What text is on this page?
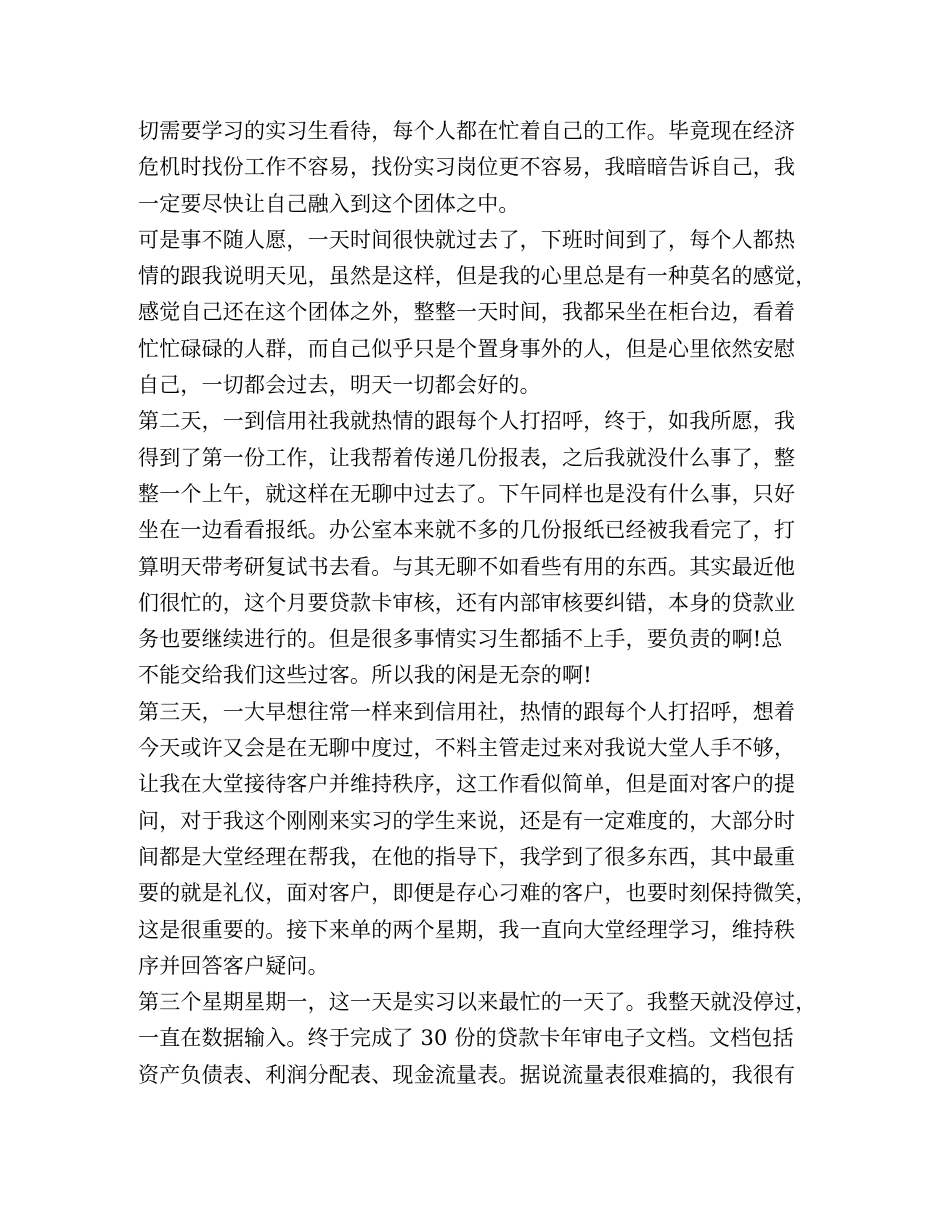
切需要学习的实习生看待，每个人都在忙着自己的工作。毕竟现在经济
危机时找份工作不容易，找份实习岗位更不容易，我暗暗告诉自己，我
一定要尽快让自己融入到这个团体之中。
可是事不随人愿，一天时间很快就过去了，下班时间到了，每个人都热
情的跟我说明天见，虽然是这样，但是我的心里总是有一种莫名的感觉，
感觉自己还在这个团体之外，整整一天时间，我都呆坐在柜台边，看着
忙忙碌碌的人群，而自己似乎只是个置身事外的人，但是心里依然安慰
自己，一切都会过去，明天一切都会好的。
第二天，一到信用社我就热情的跟每个人打招呼，终于，如我所愿，我
得到了第一份工作，让我帮着传递几份报表，之后我就没什么事了，整
整一个上午，就这样在无聊中过去了。下午同样也是没有什么事，只好
坐在一边看看报纸。办公室本来就不多的几份报纸已经被我看完了，打
算明天带考研复试书去看。与其无聊不如看些有用的东西。其实最近他
们很忙的，这个月要贷款卡审核，还有内部审核要纠错，本身的贷款业
务也要继续进行的。但是很多事情实习生都插不上手，要负责的啊!总
不能交给我们这些过客。所以我的闲是无奈的啊!
第三天，一大早想往常一样来到信用社，热情的跟每个人打招呼，想着
今天或许又会是在无聊中度过，不料主管走过来对我说大堂人手不够，
让我在大堂接待客户并维持秩序，这工作看似简单，但是面对客户的提
问，对于我这个刚刚来实习的学生来说，还是有一定难度的，大部分时
间都是大堂经理在帮我，在他的指导下，我学到了很多东西，其中最重
要的就是礼仪，面对客户，即便是存心刁难的客户，也要时刻保持微笑，
这是很重要的。接下来单的两个星期，我一直向大堂经理学习，维持秩
序并回答客户疑问。
第三个星期星期一，这一天是实习以来最忙的一天了。我整天就没停过，
一直在数据输入。终于完成了 30 份的贷款卡年审电子文档。文档包括
资产负债表、利润分配表、现金流量表。据说流量表很难搞的，我很有
